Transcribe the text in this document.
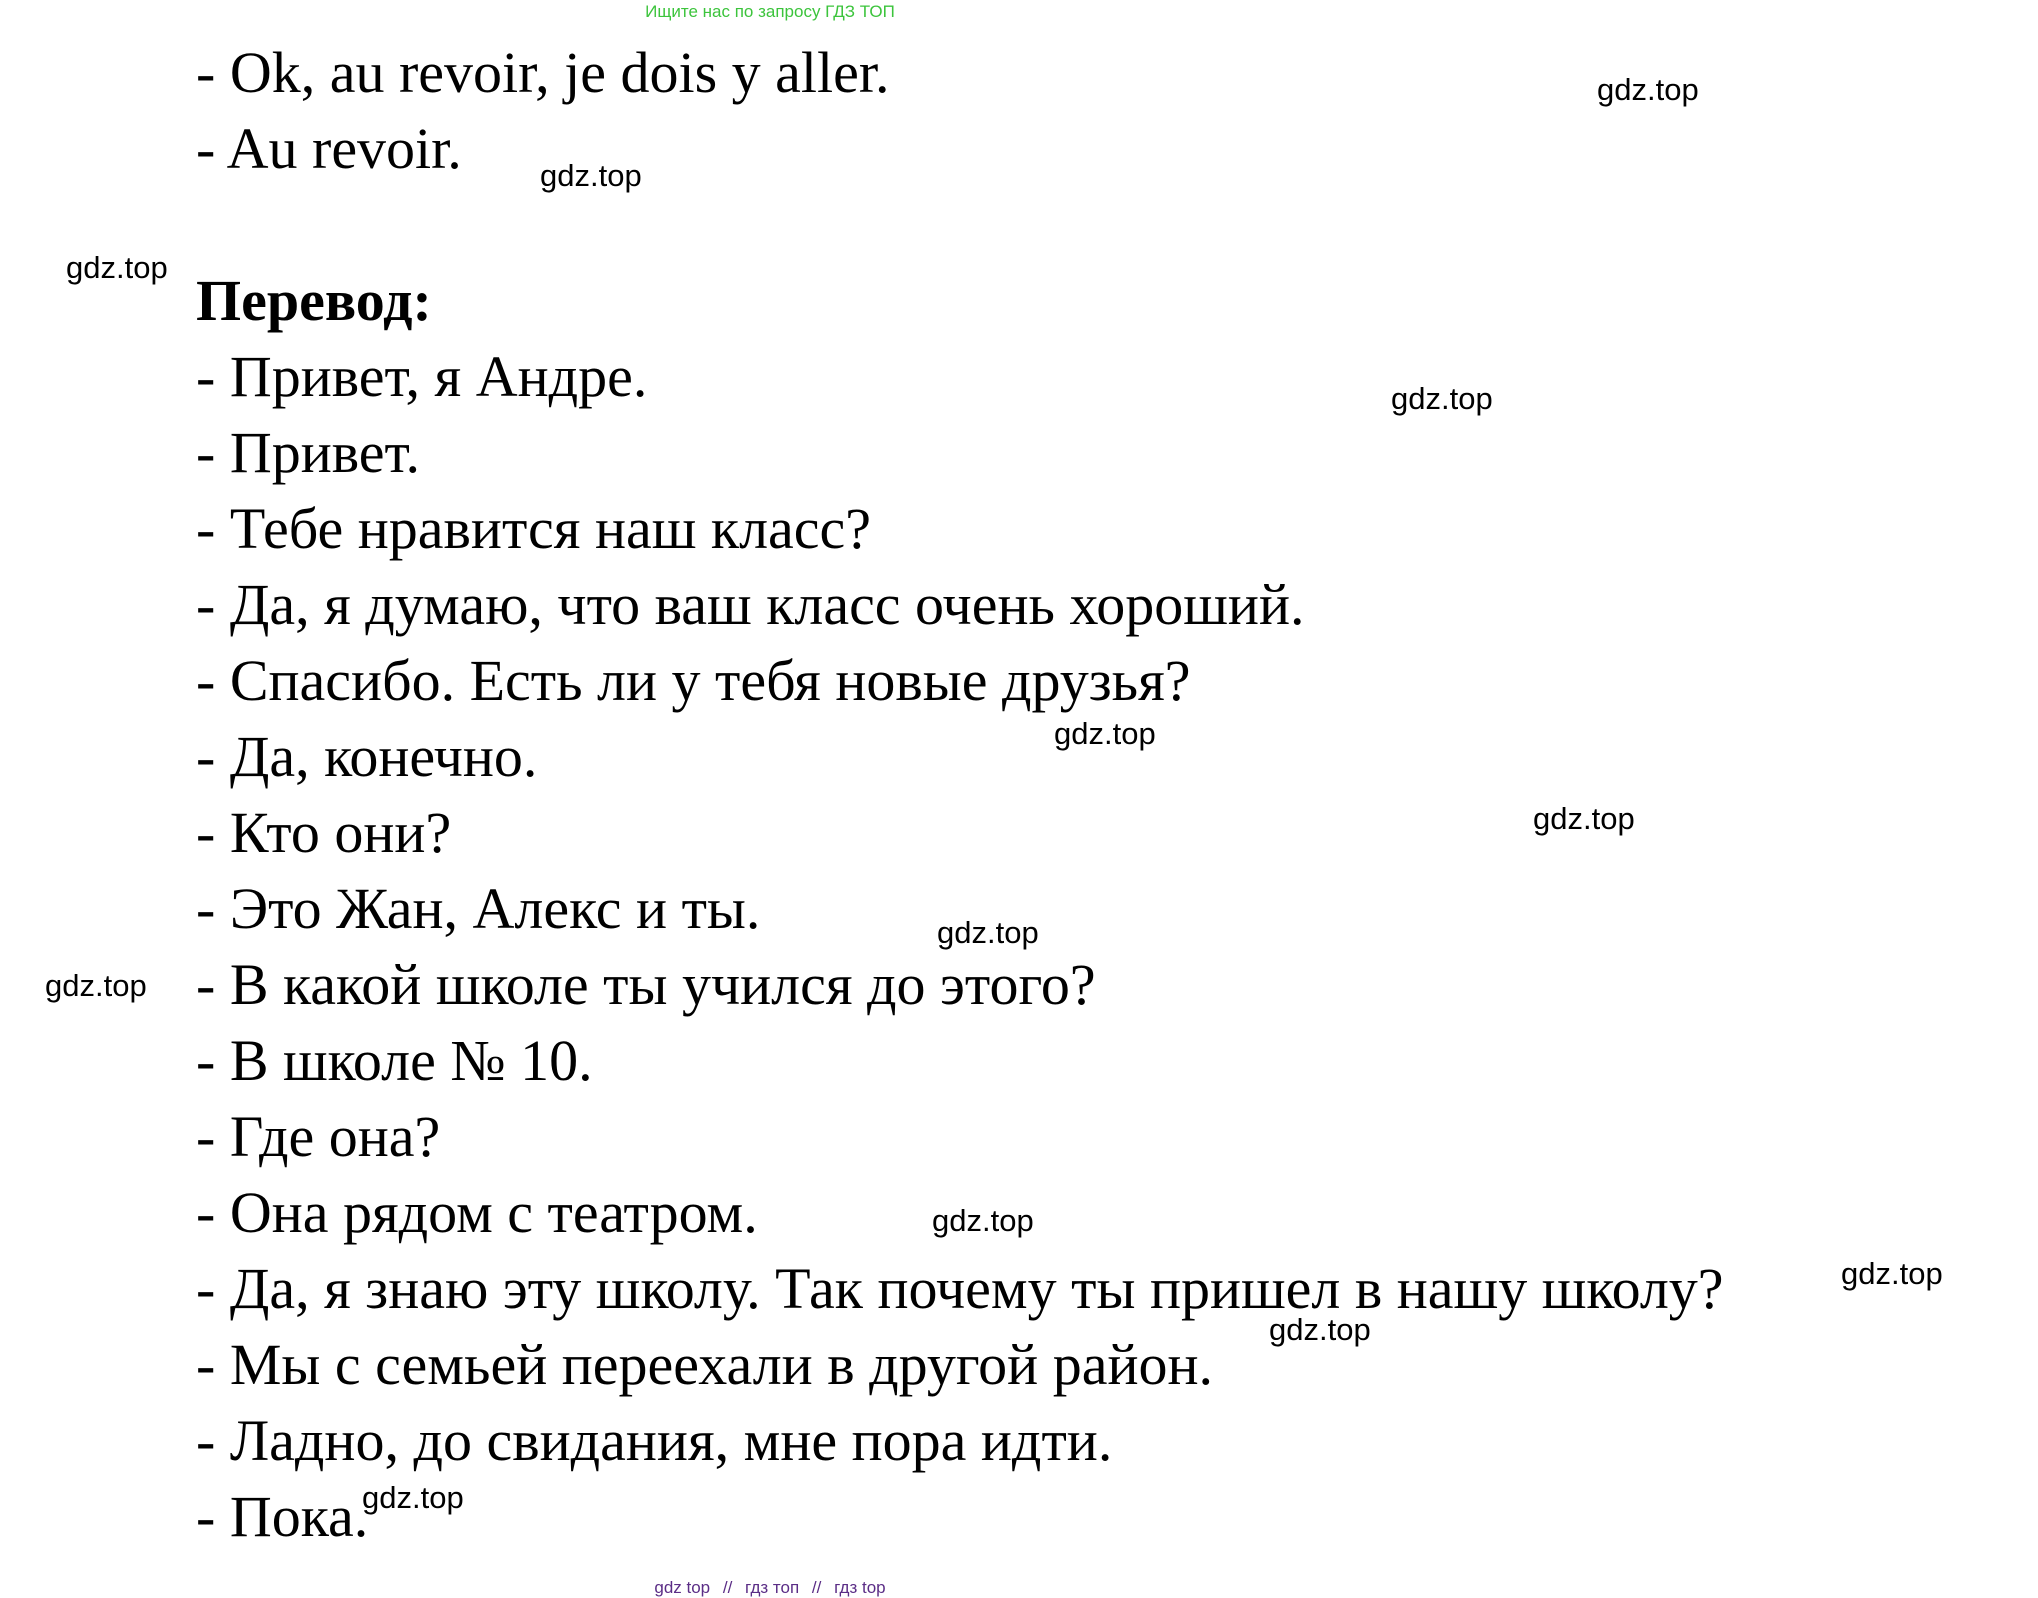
Ищите нас по запросу ГДЗ ТОП
- Ok, au revoir, je dois y aller.
- Au revoir.
Перевод:
- Привет, я Андре.
- Привет.
- Тебе нравится наш класс?
- Да, я думаю, что ваш класс очень хороший.
- Спасибо. Есть ли у тебя новые друзья?
- Да, конечно.
- Кто они?
- Это Жан, Алекс и ты.
- В какой школе ты учился до этого?
- В школе № 10.
- Где она?
- Она рядом с театром.
- Да, я знаю эту школу. Так почему ты пришел в нашу школу?
- Мы с семьей переехали в другой район.
- Ладно, до свидания, мне пора идти.
- Пока.
gdz.top
gdz.top
gdz.top
gdz.top
gdz.top
gdz.top
gdz.top
gdz.top
gdz.top
gdz.top
gdz.top
gdz.top
gdz top // гдз топ // гдз top
